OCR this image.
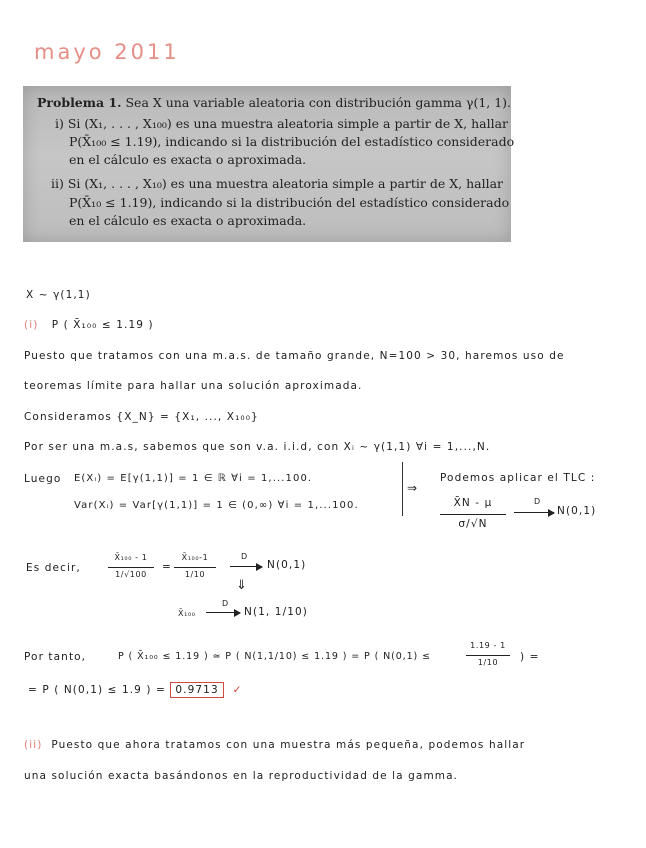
mayo 2011
Problema 1. Sea X una variable aleatoria con distribución gamma γ(1, 1).
i) Si (X₁, . . . , X₁₀₀) es una muestra aleatoria simple a partir de X, hallar
P(X̄₁₀₀ ≤ 1.19), indicando si la distribución del estadístico considerado
en el cálculo es exacta o aproximada.
ii) Si (X₁, . . . , X₁₀) es una muestra aleatoria simple a partir de X, hallar
P(X̄₁₀ ≤ 1.19), indicando si la distribución del estadístico considerado
en el cálculo es exacta o aproximada.
X ~ γ(1,1)
(i) P ( X̄₁₀₀ ≤ 1.19 )
Puesto que tratamos con una m.a.s. de tamaño grande, N=100 > 30, haremos uso de
teoremas límite para hallar una solución aproximada.
Consideramos {X_N} = {X₁, ..., X₁₀₀}
Por ser una m.a.s, sabemos que son v.a. i.i.d, con Xᵢ ~ γ(1,1) ∀i = 1,...,N.
Luego E(Xᵢ) = E[γ(1,1)] = 1 ∈ ℝ ∀i = 1,...100.
Var(Xᵢ) = Var[γ(1,1)] = 1 ∈ (0,∞) ∀i = 1,...100.
⇒
Podemos aplicar el TLC :
X̄N - μ
σ/√N
D
N(0,1)
Es decir,
X̄₁₀₀ - 1
1/√100
=
X̄₁₀₀-1
1/10
D
N(0,1)
⇓
X̄₁₀₀
D
N(1, 1/10)
Por tanto,	P ( X̄₁₀₀ ≤ 1.19 ) ≃ P ( N(1,1/10) ≤ 1.19 ) = P ( N(0,1) ≤
1.19 - 1
1/10	) =
= P ( N(0,1) ≤ 1.9 ) = 0.9713 ✓
(ii) Puesto que ahora tratamos con una muestra más pequeña, podemos hallar
una solución exacta basándonos en la reproductividad de la gamma.
